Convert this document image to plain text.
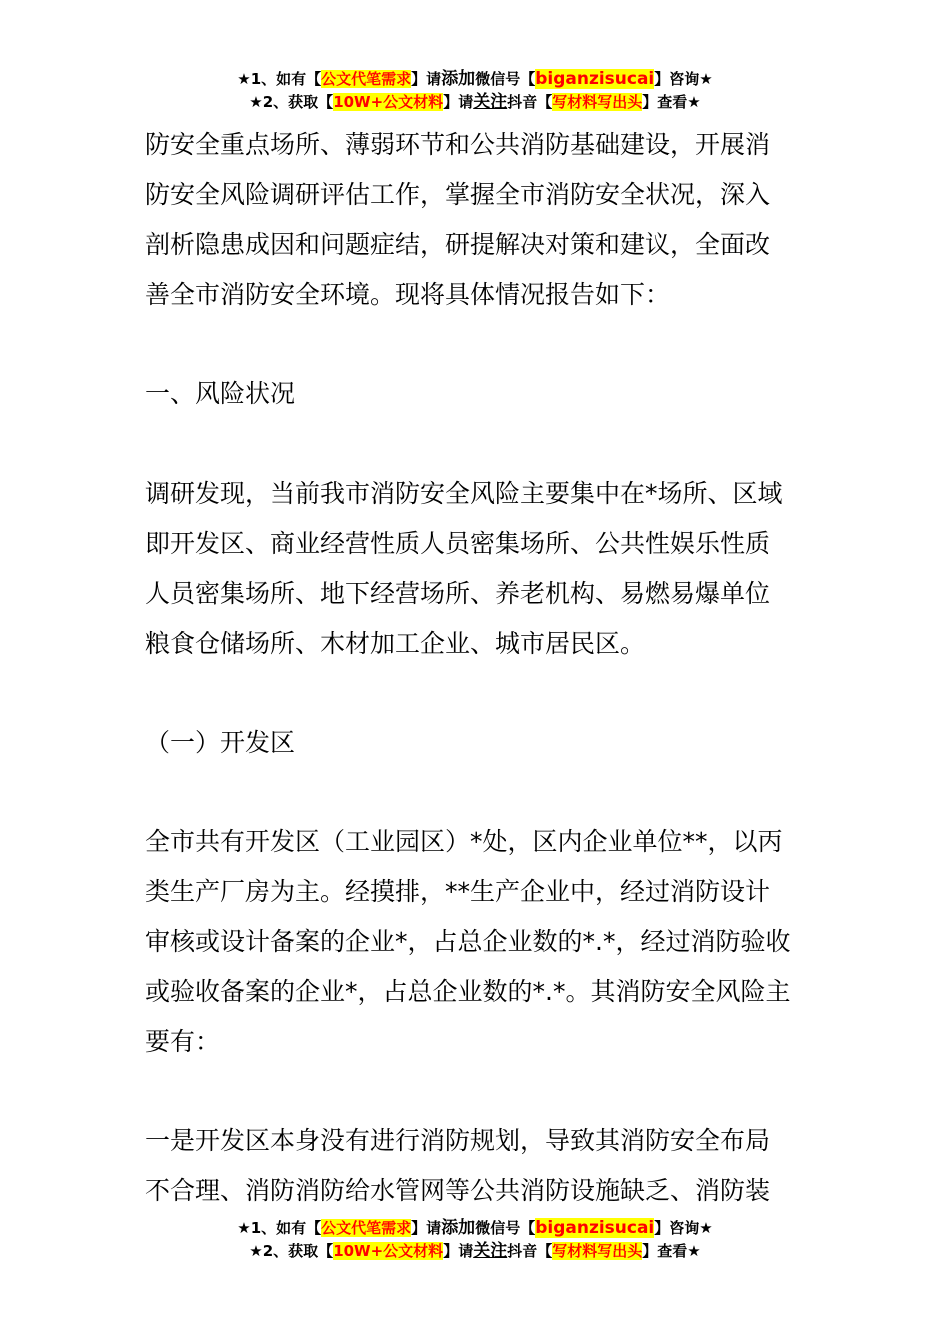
★1、如有【公文代笔需求】请添加微信号【biganzisucai】咨询★
★2、获取【10W+公文材料】请关注抖音【写材料写出头】查看★
防安全重点场所、薄弱环节和公共消防基础建设，开展消
防安全风险调研评估工作，掌握全市消防安全状况，深入
剖析隐患成因和问题症结，研提解决对策和建议，全面改
善全市消防安全环境。现将具体情况报告如下：
一、风险状况
调研发现，当前我市消防安全风险主要集中在*场所、区域
即开发区、商业经营性质人员密集场所、公共性娱乐性质
人员密集场所、地下经营场所、养老机构、易燃易爆单位
粮食仓储场所、木材加工企业、城市居民区。
（一）开发区
全市共有开发区（工业园区）*处，区内企业单位**，以丙
类生产厂房为主。经摸排，**生产企业中，经过消防设计
审核或设计备案的企业*，占总企业数的*.*，经过消防验收
或验收备案的企业*，占总企业数的*.*。其消防安全风险主
要有：
一是开发区本身没有进行消防规划，导致其消防安全布局
不合理、消防消防给水管网等公共消防设施缺乏、消防装
★1、如有【公文代笔需求】请添加微信号【biganzisucai】咨询★
★2、获取【10W+公文材料】请关注抖音【写材料写出头】查看★
